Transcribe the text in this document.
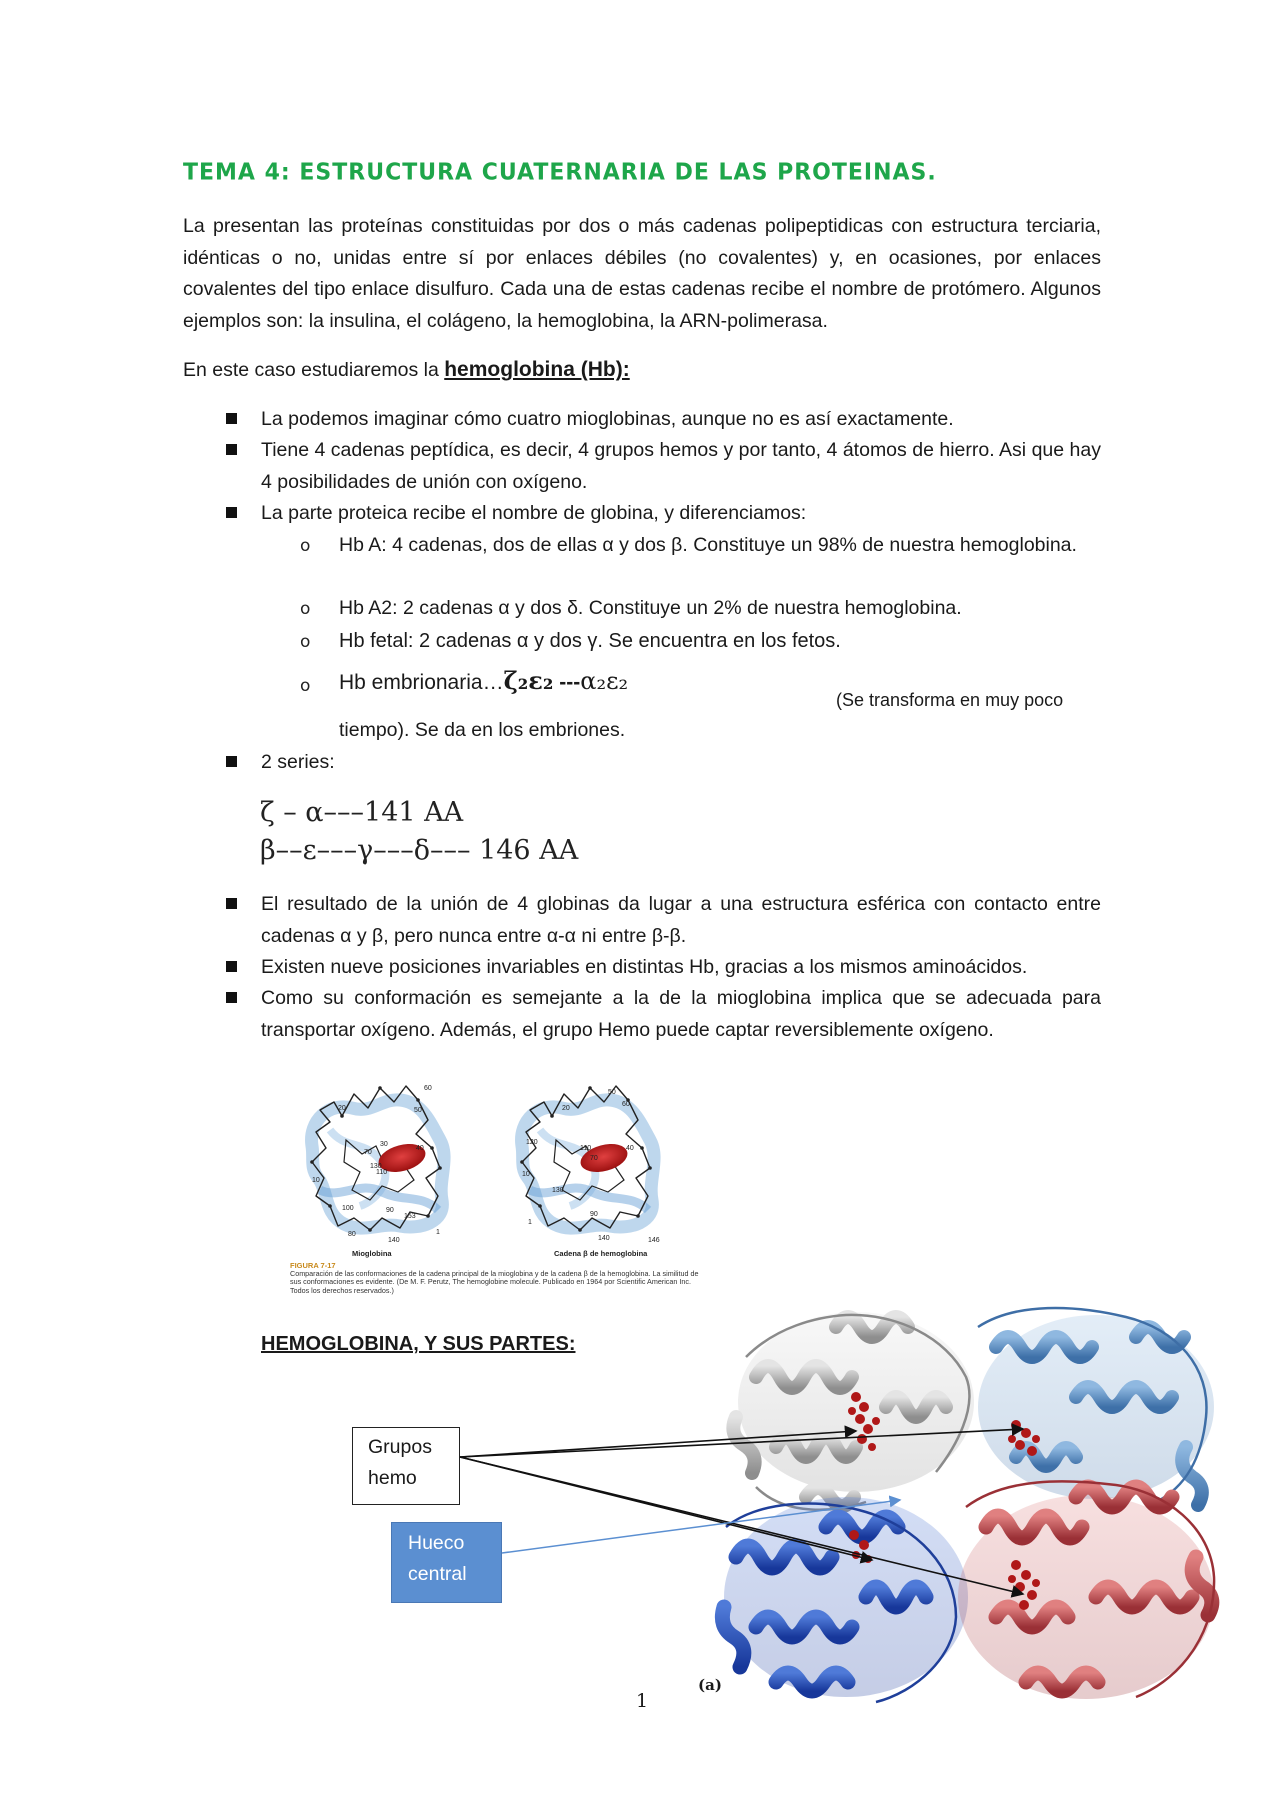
TEMA 4: ESTRUCTURA CUATERNARIA DE LAS PROTEINAS.

La presentan las proteínas constituidas por dos o más cadenas polipeptidicas con estructura terciaria, idénticas o no, unidas entre sí por enlaces débiles (no covalentes) y, en ocasiones, por enlaces covalentes del tipo enlace disulfuro. Cada una de estas cadenas recibe el nombre de protómero. Algunos ejemplos son: la insulina, el colágeno, la hemoglobina, la ARN-polimerasa.

En este caso estudiaremos la hemoglobina (Hb):

La podemos imaginar cómo cuatro mioglobinas, aunque no es así exactamente.

Tiene 4 cadenas peptídica, es decir, 4 grupos hemos y por tanto, 4 átomos de hierro. Asi que hay 4 posibilidades de unión con oxígeno.

La parte proteica recibe el nombre de globina, y diferenciamos:

o Hb A: 4 cadenas, dos de ellas α y dos β. Constituye un 98% de nuestra hemoglobina.

o Hb A2: 2 cadenas α y dos δ. Constituye un 2% de nuestra hemoglobina.

o Hb fetal: 2 cadenas α y dos γ. Se encuentra en los fetos.

o Hb embrionaria…ζ₂ε₂ ---α₂ε₂
(Se transforma en muy poco

tiempo). Se da en los embriones.

2 series:

ζ – α–––141 AA
β––ε–––γ–––δ––– 146 AA

El resultado de la unión de 4 globinas da lugar a una estructura esférica con contacto entre cadenas α y β, pero nunca entre α-α ni entre β-β.

Existen nueve posiciones invariables en distintas Hb, gracias a los mismos aminoácidos.

Como su conformación es semejante a la de la mioglobina implica que se adecuada para transportar oxígeno. Además, el grupo Hemo puede captar reversiblemente oxígeno.

20
60
50
30
70
40
110
10
100	90
153
80
140
130
1
Mioglobina
20
50
60
120
110
70
40
10
130
90
140	146
1
Cadena β de hemoglobina
FIGURA 7-17
Comparación de las conformaciones de la cadena principal de la mioglobina y de la cadena β de la hemoglobina. La similitud de sus conformaciones es evidente. (De M. F. Perutz, The hemoglobine molecule. Publicado en 1964 por Scientific American Inc. Todos los derechos reservados.)
HEMOGLOBINA, Y SUS PARTES:
Grupos
hemo
Hueco
central
(a)
1
